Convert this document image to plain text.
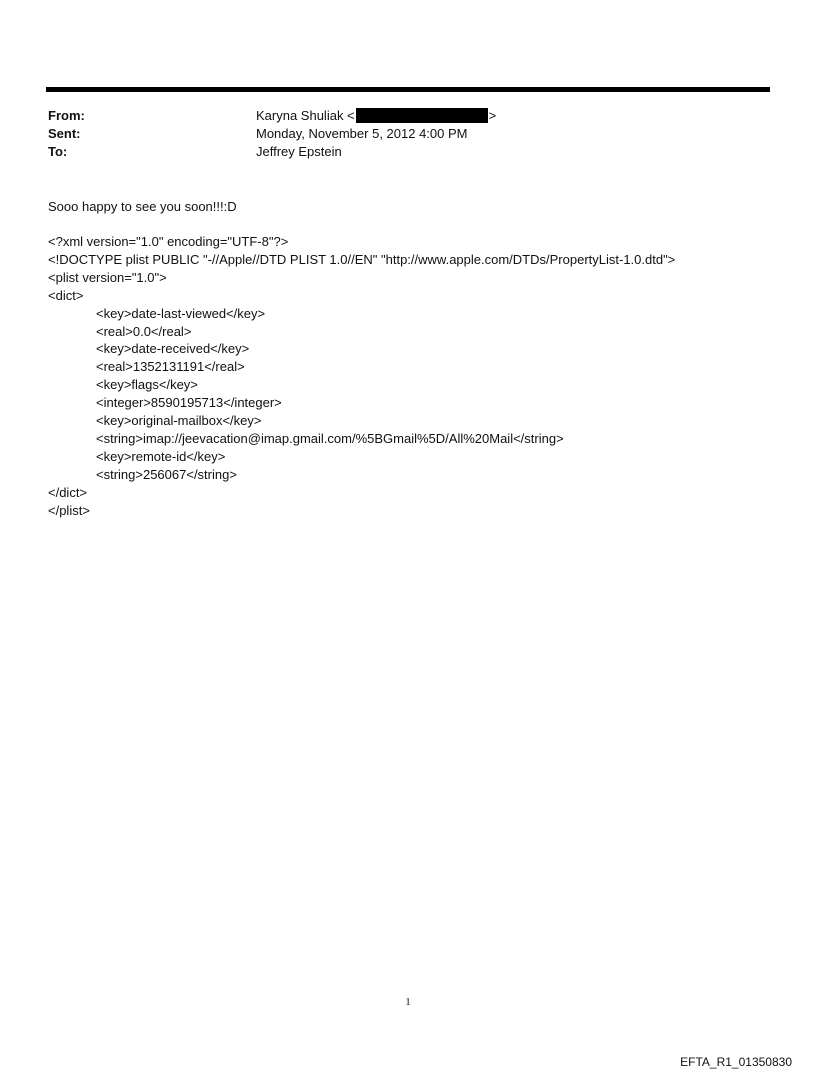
From:	Karyna Shuliak <	>
Sent:	Monday, November 5, 2012 4:00 PM
To:	Jeffrey Epstein
Sooo happy to see you soon!!!:D
<?xml version="1.0" encoding="UTF-8"?>
<!DOCTYPE plist PUBLIC "-//Apple//DTD PLIST 1.0//EN" "http://www.apple.com/DTDs/PropertyList-1.0.dtd">
<plist version="1.0">
<dict>
<key>date-last-viewed</key>
<real>0.0</real>
<key>date-received</key>
<real>1352131191</real>
<key>flags</key>
<integer>8590195713</integer>
<key>original-mailbox</key>
<string>imap://jeevacation@imap.gmail.com/%5BGmail%5D/All%20Mail</string>
<key>remote-id</key>
<string>256067</string>
</dict>
</plist>
1
EFTA_R1_01350830
